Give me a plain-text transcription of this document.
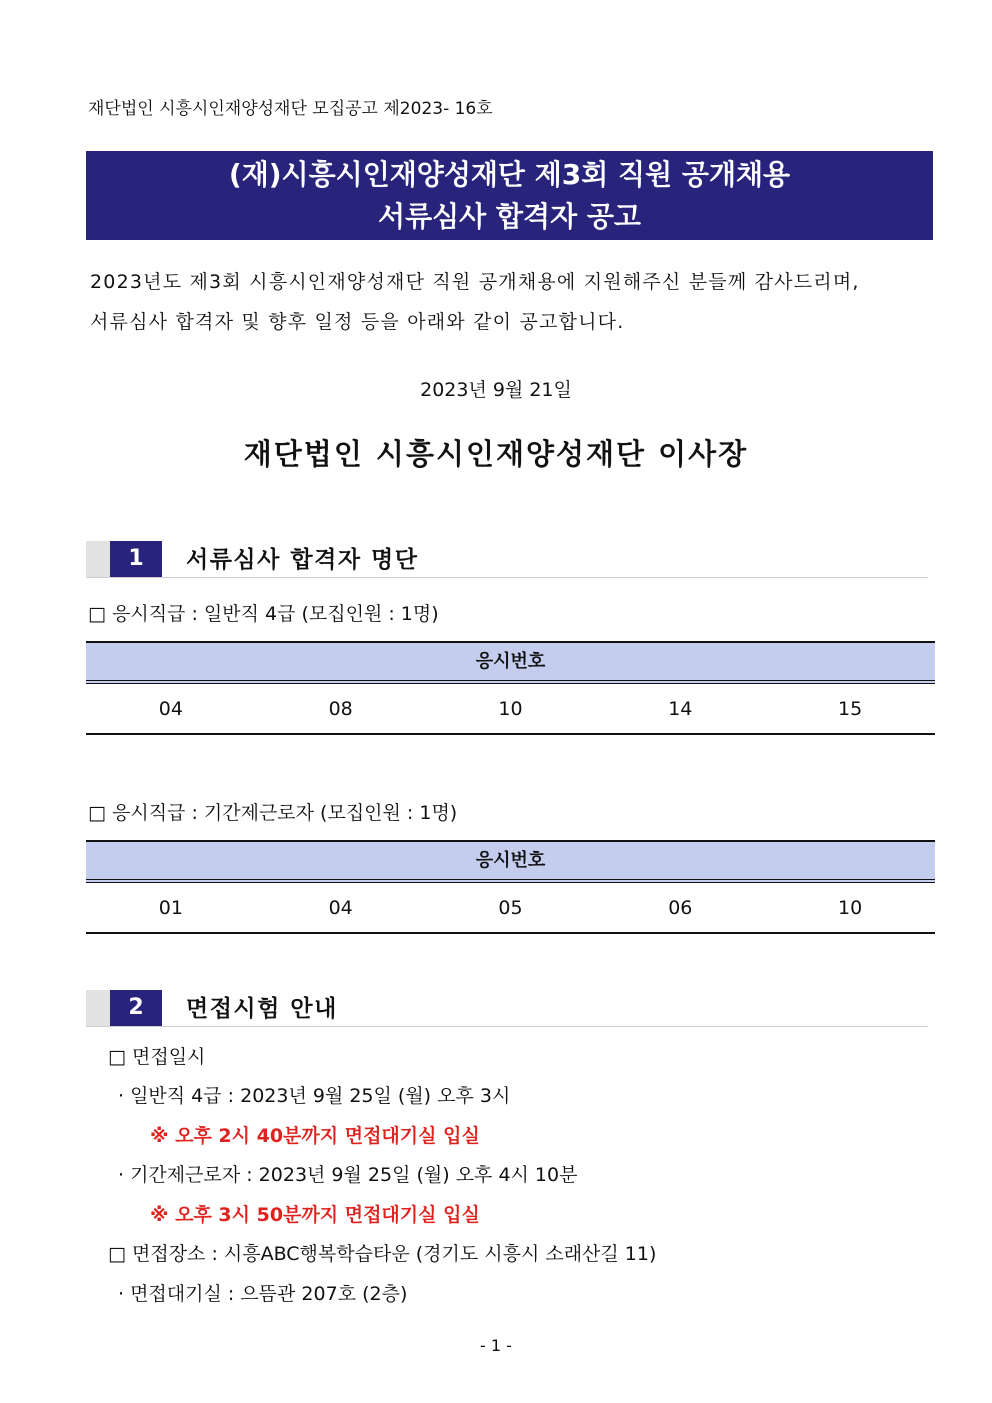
재단법인 시흥시인재양성재단 모집공고 제2023- 16호
(재)시흥시인재양성재단 제3회 직원 공개채용
서류심사 합격자 공고
2023년도 제3회 시흥시인재양성재단 직원 공개채용에 지원해주신 분들께 감사드리며,
서류심사 합격자 및 향후 일정 등을 아래와 같이 공고합니다.
2023년 9월 21일
재단법인 시흥시인재양성재단 이사장
1	서류심사 합격자 명단
□ 응시직급 : 일반직 4급 (모집인원 : 1명)
응시번호
04	08	10	14	15
□ 응시직급 : 기간제근로자 (모집인원 : 1명)
응시번호
01	04	05	06	10
2	면접시험 안내
□ 면접일시
· 일반직 4급 : 2023년 9월 25일 (월) 오후 3시
※ 오후 2시 40분까지 면접대기실 입실
· 기간제근로자 : 2023년 9월 25일 (월) 오후 4시 10분
※ 오후 3시 50분까지 면접대기실 입실
□ 면접장소 : 시흥ABC행복학습타운 (경기도 시흥시 소래산길 11)
· 면접대기실 : 으뜸관 207호 (2층)
- 1 -
